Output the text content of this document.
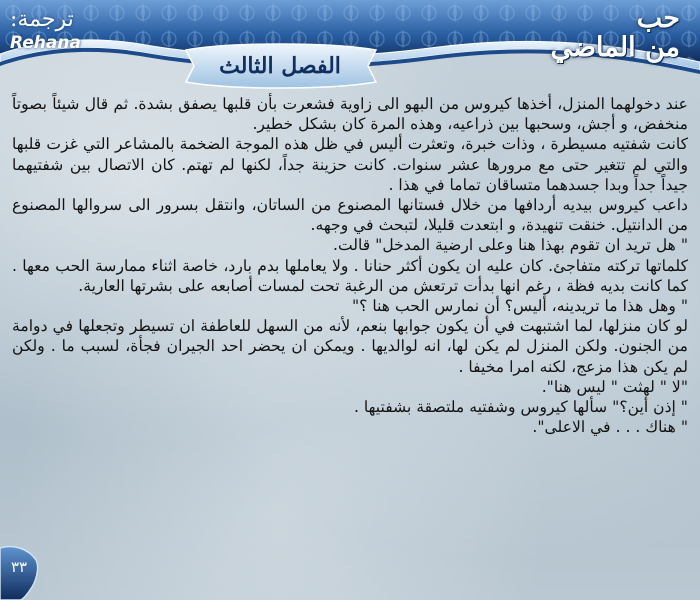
ترجمة:
Rehana
حب
من الماضي
الفصل الثالث

عند دخولهما المنزل، أخذها كيروس من البهو الى زاوية فشعرت بأن قلبها يصفق بشدة. ثم قال شيئاً بصوتاً منخفض، و أجش، وسحبها بين ذراعيه، وهذه المرة كان بشكل خطير.

كانت شفتيه مسيطرة ، وذات خبرة، وتعثرت أليس في ظل هذه الموجة الضخمة بالمشاعر التي غزت قلبها والتي لم تتغير حتى مع مرورها عشر سنوات. كانت حزينة جداً، لكنها لم تهتم. كان الاتصال بين شفتيهما جيداً جداً وبدا جسدهما متساقان تماما في هذا .

داعب كيروس بيديه أردافها من خلال فستانها المصنوع من الساتان، وانتقل بسرور الى سروالها المصنوع من الدانتيل. خنقت تنهيدة، و ابتعدت قليلا، لتبحث في وجهه.

" هل تريد ان تقوم بهذا هنا وعلى ارضية المدخل" قالت.

كلماتها تركته متفاجئ. كان عليه ان يكون أكثر حنانا . ولا يعاملها بدم بارد، خاصة اثناء ممارسة الحب معها . كما كانت بديه فظة ، رغم انها بدأت ترتعش من الرغبة تحت لمسات أصابعه على بشرتها العارية.

" وهل هذا ما تريدينه، أليس؟ أن نمارس الحب هنا ؟"

لو كان منزلها، لما اشتبهت في أن يكون جوابها بنعم، لأنه من السهل للعاطفة ان تسيطر وتجعلها في دوامة من الجنون. ولكن المنزل لم يكن لها، انه لوالديها . ويمكن ان يحضر احد الجيران فجأة، لسبب ما . ولكن لم يكن هذا مزعج، لكنه امرا مخيفا .

"لا " لهثت " ليس هنا".

" إذن أين؟" سألها كيروس وشفتيه ملتصقة بشفتيها .

" هناك . . . في الاعلى".

٣٣
